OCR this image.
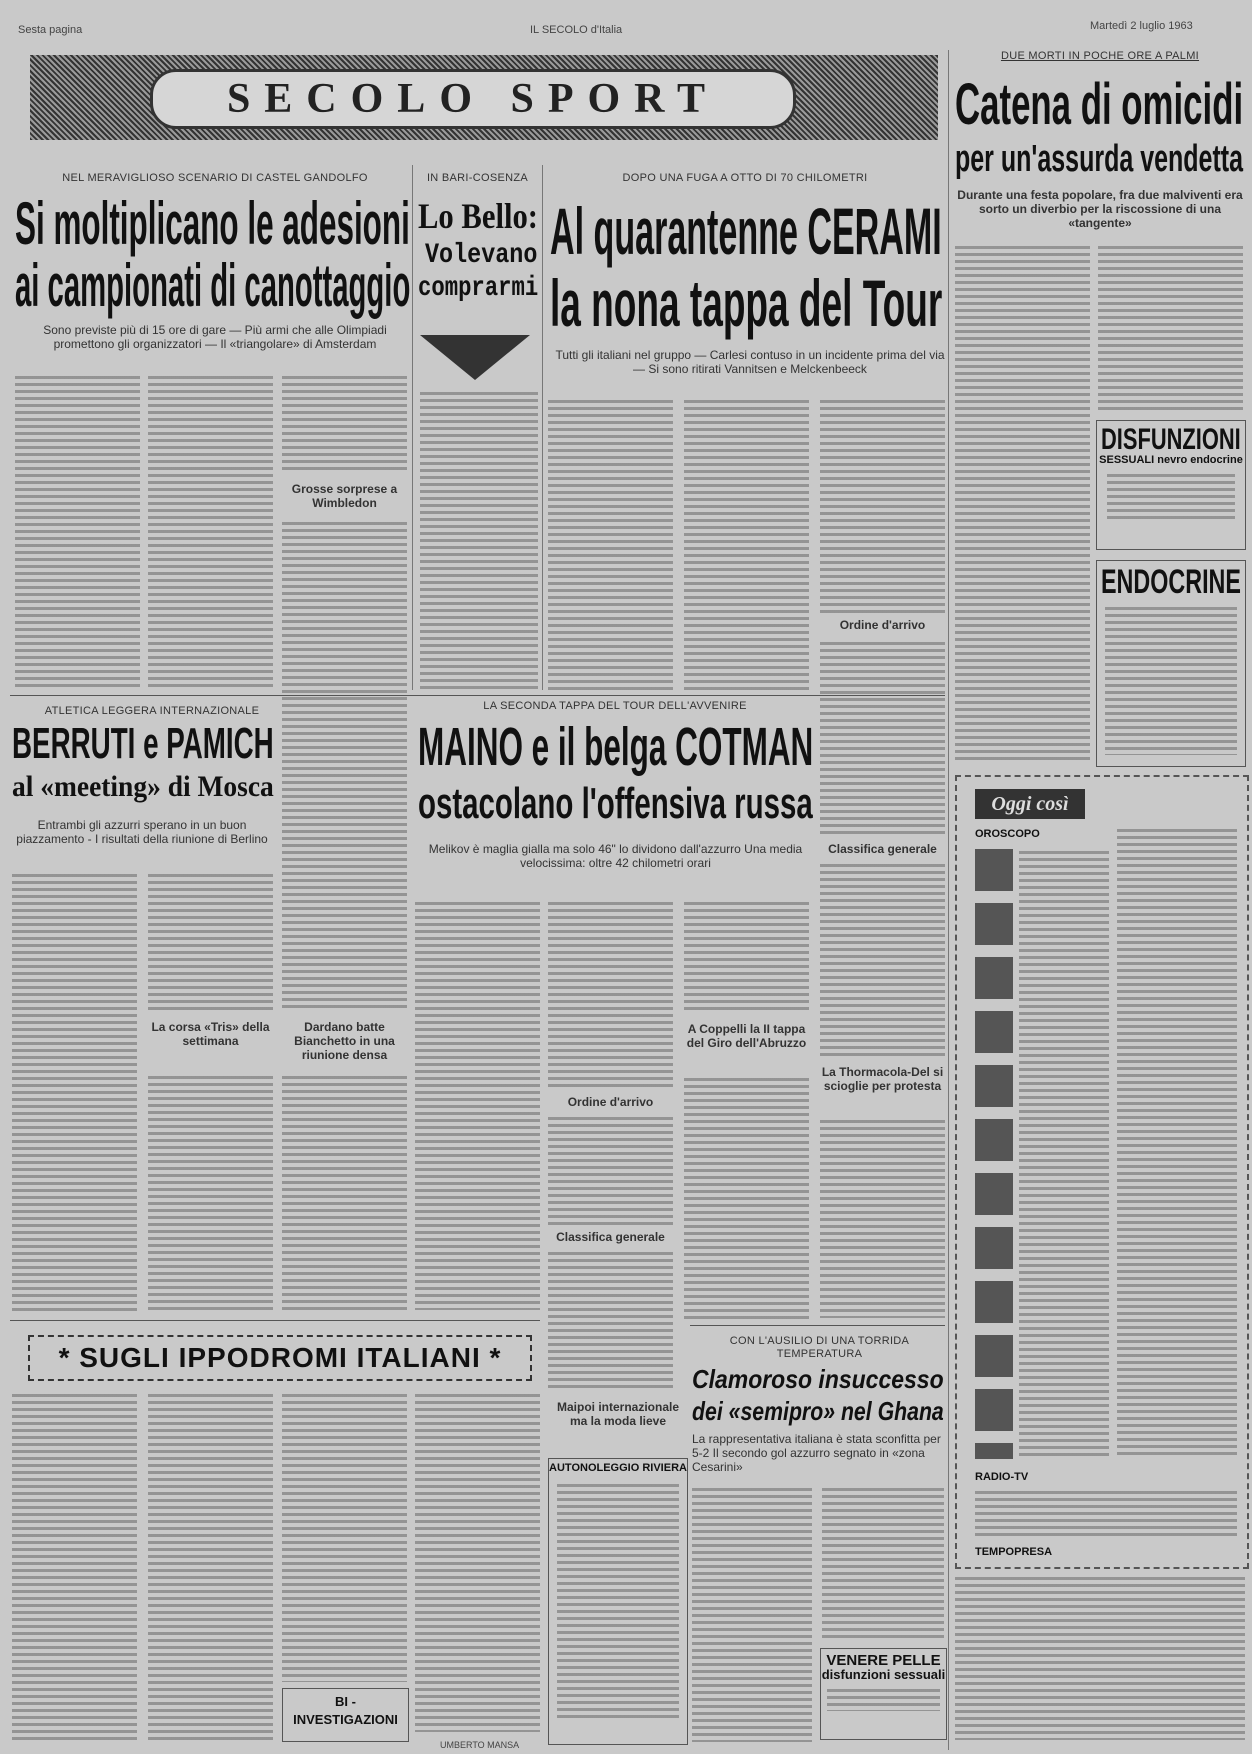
Sesta pagina	IL SECOLO d'Italia	Martedì 2 luglio 1963
SECOLO SPORT
NEL MERAVIGLIOSO SCENARIO DI CASTEL GANDOLFO
Si moltiplicano le adesioni
ai campionati di canottaggio
Sono previste più di 15 ore di gare — Più armi che alle Olimpiadi promettono gli organizzatori — Il «triangolare» di Amsterdam
Grosse sorprese a Wimbledon
IN BARI-COSENZA
Lo Bello:
Volevano
comprarmi
DOPO UNA FUGA A OTTO DI 70 CHILOMETRI
Al quarantenne CERAMI
la nona tappa del Tour
Tutti gli italiani nel gruppo — Carlesi contuso in un incidente prima del via — Si sono ritirati Vannitsen e Melckenbeeck
Ordine d'arrivo
Classifica generale
La Thormacola-Del si scioglie per protesta
ATLETICA LEGGERA INTERNAZIONALE
BERRUTI e PAMICH
al «meeting» di Mosca
Entrambi gli azzurri sperano in un buon piazzamento - I risultati della riunione di Berlino
La corsa «Tris» della settimana
Dardano batte Bianchetto in una riunione densa
LA SECONDA TAPPA DEL TOUR DELL'AVVENIRE
MAINO e il belga COTMAN
ostacolano l'offensiva russa
Melikov è maglia gialla ma solo 46" lo dividono dall'azzurro Una media velocissima: oltre 42 chilometri orari
Ordine d'arrivo
Classifica generale
A Coppelli la II tappa del Giro dell'Abruzzo
* SUGLI IPPODROMI ITALIANI *
BI - INVESTIGAZIONI
UMBERTO MANSA
Maipoi internazionale ma la moda lieve
AUTONOLEGGIO RIVIERA
CON L'AUSILIO DI UNA TORRIDA TEMPERATURA
Clamoroso insuccesso
dei «semipro» nel Ghana
La rappresentativa italiana è stata sconfitta per 5-2 Il secondo gol azzurro segnato in «zona Cesarini»
VENERE PELLE
disfunzioni sessuali
DUE MORTI IN POCHE ORE A PALMI
Catena di omicidi
per un'assurda vendetta
Durante una festa popolare, fra due malviventi era sorto un diverbio per la riscossione di una «tangente»
DISFUNZIONI
SESSUALI nevro endocrine
ENDOCRINE
Oggi così
OROSCOPO
RADIO-TV
TEMPOPRESA
